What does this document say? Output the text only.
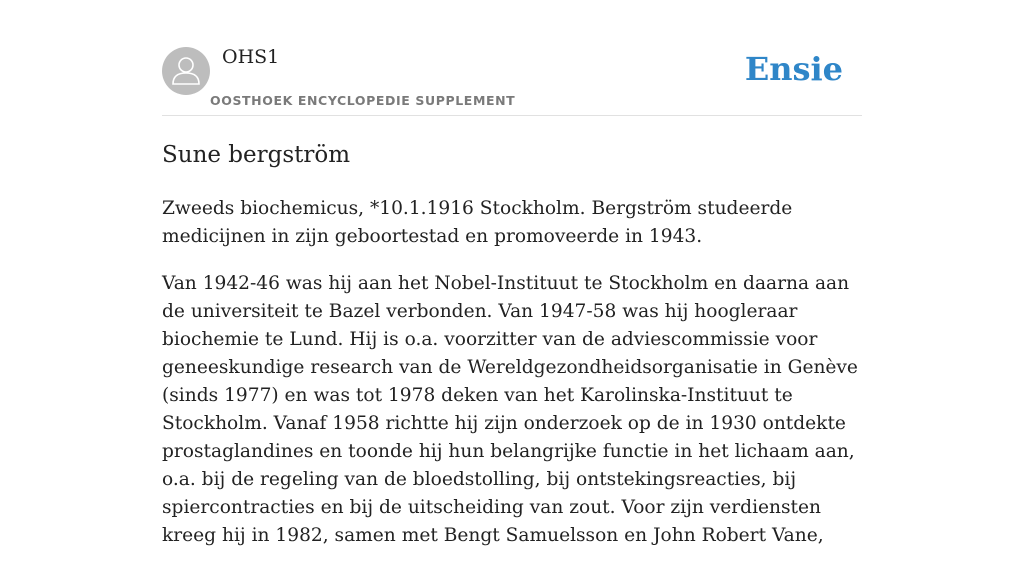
OHS1
OOSTHOEK ENCYCLOPEDIE SUPPLEMENT
Ensie
Sune bergström

Zweeds biochemicus, *10.1.1916 Stockholm. Bergström studeerde medicijnen in zijn geboortestad en promoveerde in 1943.

Van 1942-46 was hij aan het Nobel-Instituut te Stockholm en daarna aan de universiteit te Bazel verbonden. Van 1947-58 was hij hoogleraar biochemie te Lund. Hij is o.a. voorzitter van de adviescommissie voor geneeskundige research van de Wereldgezondheidsorganisatie in Genève (sinds 1977) en was tot 1978 deken van het Karolinska-Instituut te Stockholm. Vanaf 1958 richtte hij zijn onderzoek op de in 1930 ontdekte prostaglandines en toonde hij hun belangrijke functie in het lichaam aan, o.a. bij de regeling van de bloedstolling, bij ontstekingsreacties, bij spiercontracties en bij de uitscheiding van zout. Voor zijn verdiensten kreeg hij in 1982, samen met Bengt Samuelsson en John Robert Vane,
